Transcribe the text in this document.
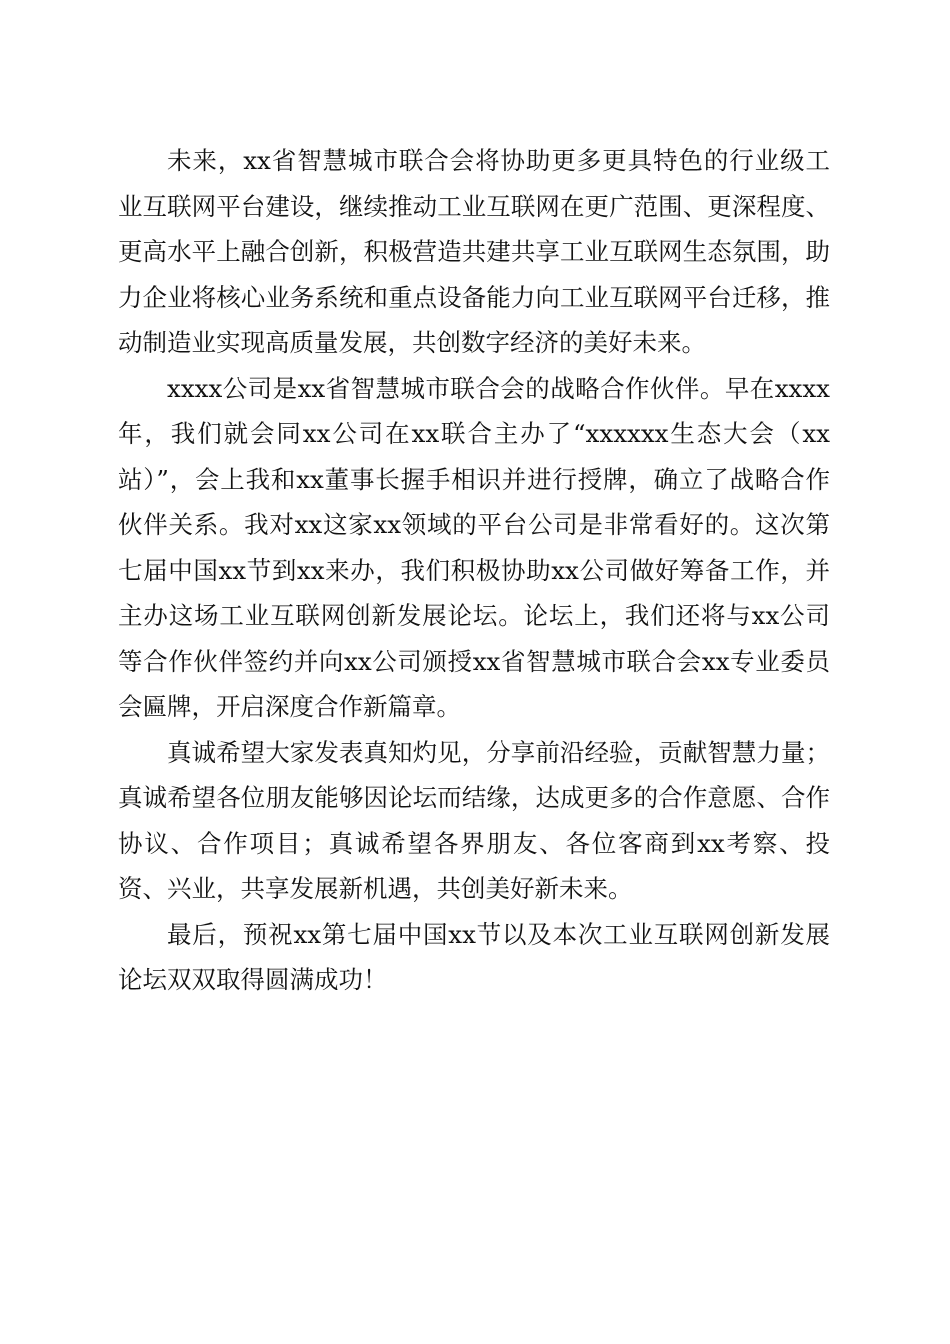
未来，xx省智慧城市联合会将协助更多更具特色的行业级工业互联网平台建设，继续推动工业互联网在更广范围、更深程度、更高水平上融合创新，积极营造共建共享工业互联网生态氛围，助力企业将核心业务系统和重点设备能力向工业互联网平台迁移，推动制造业实现高质量发展，共创数字经济的美好未来。

xxxx公司是xx省智慧城市联合会的战略合作伙伴。早在xxxx年，我们就会同xx公司在xx联合主办了“xxxxxx生态大会（xx站）”，会上我和xx董事长握手相识并进行授牌，确立了战略合作伙伴关系。我对xx这家xx领域的平台公司是非常看好的。这次第七届中国xx节到xx来办，我们积极协助xx公司做好筹备工作，并主办这场工业互联网创新发展论坛。论坛上，我们还将与xx公司等合作伙伴签约并向xx公司颁授xx省智慧城市联合会xx专业委员会匾牌，开启深度合作新篇章。

真诚希望大家发表真知灼见，分享前沿经验，贡献智慧力量；真诚希望各位朋友能够因论坛而结缘，达成更多的合作意愿、合作协议、合作项目；真诚希望各界朋友、各位客商到xx考察、投资、兴业，共享发展新机遇，共创美好新未来。

最后，预祝xx第七届中国xx节以及本次工业互联网创新发展论坛双双取得圆满成功！
